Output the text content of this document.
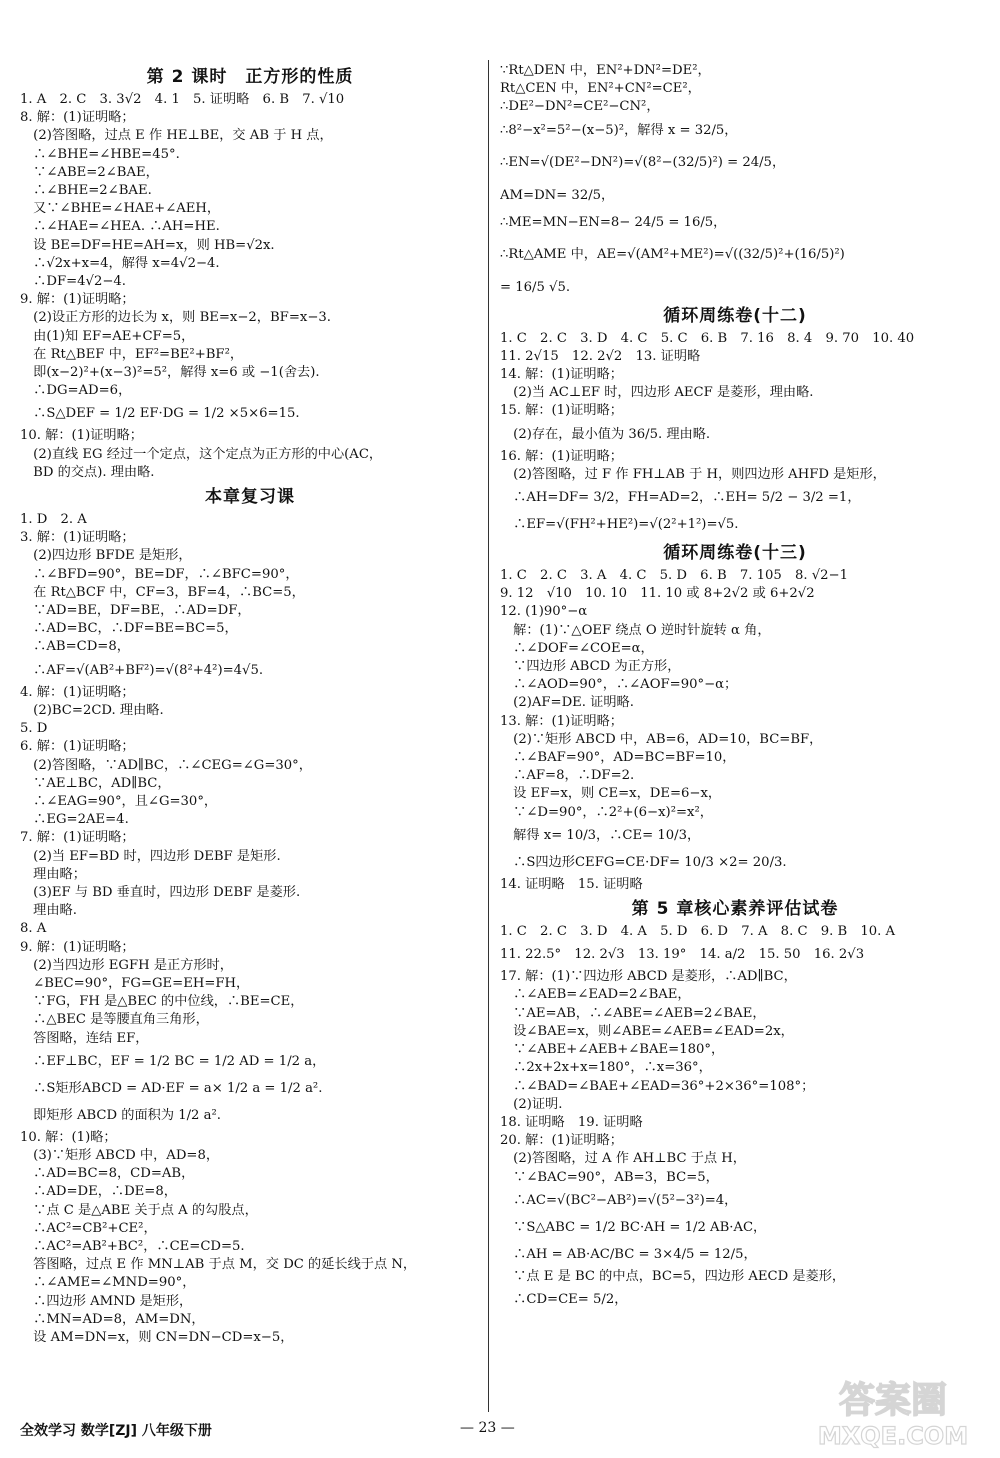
第 2 课时　正方形的性质
1. A　2. C　3. 3√2　4. 1　5. 证明略　6. B　7. √10
8. 解：(1)证明略；
　(2)答图略，过点 E 作 HE⊥BE，交 AB 于 H 点，
　∴∠BHE=∠HBE=45°.
　∵∠ABE=2∠BAE，
　∴∠BHE=2∠BAE.
　又∵∠BHE=∠HAE+∠AEH，
　∴∠HAE=∠HEA. ∴AH=HE.
　设 BE=DF=HE=AH=x，则 HB=√2x.
　∴√2x+x=4，解得 x=4√2−4.
　∴DF=4√2−4.
9. 解：(1)证明略；
　(2)设正方形的边长为 x，则 BE=x−2，BF=x−3.
　由(1)知 EF=AE+CF=5，
　在 Rt△BEF 中，EF²=BE²+BF²，
　即(x−2)²+(x−3)²=5²，解得 x=6 或 −1(舍去).
　∴DG=AD=6，
　∴S△DEF = 1/2 EF·DG = 1/2 ×5×6=15.
10. 解：(1)证明略；
　(2)直线 EG 经过一个定点，这个定点为正方形的中心(AC，
　BD 的交点). 理由略.
本章复习课
1. D　2. A
3. 解：(1)证明略；
　(2)四边形 BFDE 是矩形，
　∴∠BFD=90°，BE=DF，∴∠BFC=90°，
　在 Rt△BCF 中，CF=3，BF=4，∴BC=5，
　∵AD=BE，DF=BE，∴AD=DF，
　∴AD=BC，∴DF=BE=BC=5，
　∴AB=CD=8，
　∴AF=√(AB²+BF²)=√(8²+4²)=4√5.
4. 解：(1)证明略；
　(2)BC=2CD. 理由略.
5. D
6. 解：(1)证明略；
　(2)答图略，∵AD∥BC，∴∠CEG=∠G=30°，
　∵AE⊥BC，AD∥BC，
　∴∠EAG=90°，且∠G=30°，
　∴EG=2AE=4.
7. 解：(1)证明略；
　(2)当 EF=BD 时，四边形 DEBF 是矩形.
　理由略；
　(3)EF 与 BD 垂直时，四边形 DEBF 是菱形.
　理由略.
8. A
9. 解：(1)证明略；
　(2)当四边形 EGFH 是正方形时，
　∠BEC=90°，FG=GE=EH=FH，
　∵FG，FH 是△BEC 的中位线，∴BE=CE，
　∴△BEC 是等腰直角三角形，
　答图略，连结 EF，
　∴EF⊥BC，EF = 1/2 BC = 1/2 AD = 1/2 a，
　∴S矩形ABCD = AD·EF = a× 1/2 a = 1/2 a².
　即矩形 ABCD 的面积为 1/2 a².
10. 解：(1)略；
　(3)∵矩形 ABCD 中，AD=8，
　∴AD=BC=8，CD=AB，
　∴AD=DE，∴DE=8，
　∵点 C 是△ABE 关于点 A 的勾股点，
　∴AC²=CB²+CE²，
　∴AC²=AB²+BC²，∴CE=CD=5.
　答图略，过点 E 作 MN⊥AB 于点 M，交 DC 的延长线于点 N，
　∴∠AME=∠MND=90°，
　∴四边形 AMND 是矩形，
　∴MN=AD=8，AM=DN，
　设 AM=DN=x，则 CN=DN−CD=x−5，
∵Rt△DEN 中，EN²+DN²=DE²，
Rt△CEN 中，EN²+CN²=CE²，
∴DE²−DN²=CE²−CN²，
∴8²−x²=5²−(x−5)²，解得 x = 32/5，
∴EN=√(DE²−DN²)=√(8²−(32/5)²) = 24/5，
AM=DN= 32/5，
∴ME=MN−EN=8− 24/5 = 16/5，
∴Rt△AME 中，AE=√(AM²+ME²)=√((32/5)²+(16/5)²)
= 16/5 √5.
循环周练卷(十二)
1. C　2. C　3. D　4. C　5. C　6. B　7. 16　8. 4　9. 70　10. 40
11. 2√15　12. 2√2　13. 证明略
14. 解：(1)证明略；
　(2)当 AC⊥EF 时，四边形 AECF 是菱形，理由略.
15. 解：(1)证明略；
　(2)存在，最小值为 36/5. 理由略.
16. 解：(1)证明略；
　(2)答图略，过 F 作 FH⊥AB 于 H，则四边形 AHFD 是矩形，
　∴AH=DF= 3/2，FH=AD=2，∴EH= 5/2 − 3/2 =1，
　∴EF=√(FH²+HE²)=√(2²+1²)=√5.
循环周练卷(十三)
1. C　2. C　3. A　4. C　5. D　6. B　7. 105　8. √2−1
9. 12　√10　10. 10　11. 10 或 8+2√2 或 6+2√2
12. (1)90°−α
　解：(1)∵△OEF 绕点 O 逆时针旋转 α 角，
　∴∠DOF=∠COE=α，
　∵四边形 ABCD 为正方形，
　∴∠AOD=90°，∴∠AOF=90°−α；
　(2)AF=DE. 证明略.
13. 解：(1)证明略；
　(2)∵矩形 ABCD 中，AB=6，AD=10，BC=BF，
　∴∠BAF=90°，AD=BC=BF=10，
　∴AF=8，∴DF=2.
　设 EF=x，则 CE=x，DE=6−x，
　∵∠D=90°，∴2²+(6−x)²=x²，
　解得 x= 10/3，∴CE= 10/3，
　∴S四边形CEFG=CE·DF= 10/3 ×2= 20/3.
14. 证明略　15. 证明略
第 5 章核心素养评估试卷
1. C　2. C　3. D　4. A　5. D　6. D　7. A　8. C　9. B　10. A
11. 22.5°　12. 2√3　13. 19°　14. a/2　15. 50　16. 2√3
17. 解：(1)∵四边形 ABCD 是菱形，∴AD∥BC，
　∴∠AEB=∠EAD=2∠BAE，
　∵AE=AB，∴∠ABE=∠AEB=2∠BAE，
　设∠BAE=x，则∠ABE=∠AEB=∠EAD=2x，
　∵∠ABE+∠AEB+∠BAE=180°，
　∴2x+2x+x=180°，∴x=36°，
　∴∠BAD=∠BAE+∠EAD=36°+2×36°=108°；
　(2)证明.
18. 证明略　19. 证明略
20. 解：(1)证明略；
　(2)答图略，过 A 作 AH⊥BC 于点 H，
　∵∠BAC=90°，AB=3，BC=5，
　∴AC=√(BC²−AB²)=√(5²−3²)=4，
　∵S△ABC = 1/2 BC·AH = 1/2 AB·AC，
　∴AH = AB·AC/BC = 3×4/5 = 12/5，
　∵点 E 是 BC 的中点，BC=5，四边形 AECD 是菱形，
　∴CD=CE= 5/2，
全效学习 数学[ZJ] 八年级下册	— 23 —
答案圈
MXQE.COM
